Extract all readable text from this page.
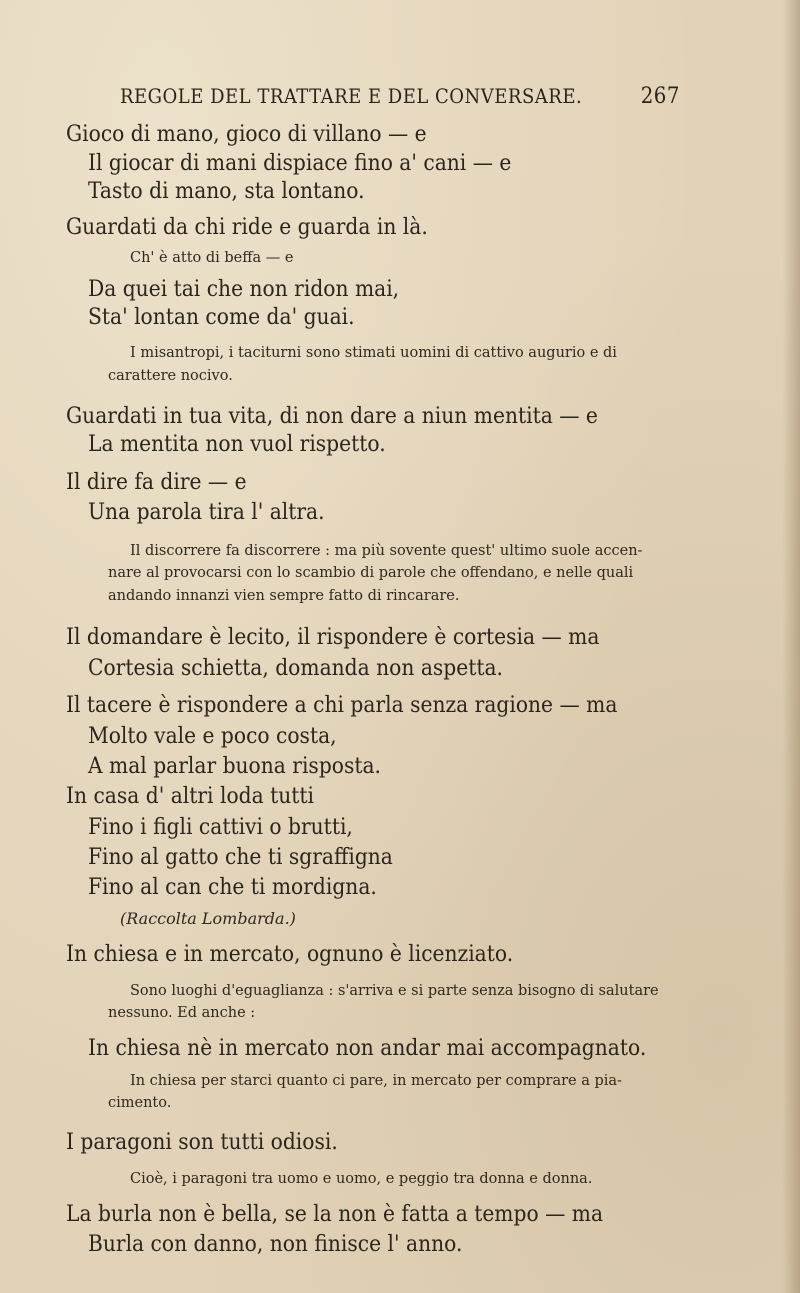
REGOLE DEL TRATTARE E DEL CONVERSARE.	267
Gioco di mano, gioco di villano — e
Il giocar di mani dispiace fino a' cani — e
Tasto di mano, sta lontano.
Guardati da chi ride e guarda in là.
Ch' è atto di beffa — e
Da quei tai che non ridon mai,
Sta' lontan come da' guai.
I misantropi, i taciturni sono stimati uomini di cattivo augurio e di
carattere nocivo.
Guardati in tua vita, di non dare a niun mentita — e
La mentita non vuol rispetto.
Il dire fa dire — e
Una parola tira l' altra.
Il discorrere fa discorrere : ma più sovente quest' ultimo suole accen-
nare al provocarsi con lo scambio di parole che offendano, e nelle quali
andando innanzi vien sempre fatto di rincarare.
Il domandare è lecito, il rispondere è cortesia — ma
Cortesia schietta, domanda non aspetta.
Il tacere è rispondere a chi parla senza ragione — ma
Molto vale e poco costa,
A mal parlar buona risposta.
In casa d' altri loda tutti
Fino i figli cattivi o brutti,
Fino al gatto che ti sgraffigna
Fino al can che ti mordigna.
(Raccolta Lombarda.)
In chiesa e in mercato, ognuno è licenziato.
Sono luoghi d'eguaglianza : s'arriva e si parte senza bisogno di salutare
nessuno. Ed anche :
In chiesa nè in mercato non andar mai accompagnato.
In chiesa per starci quanto ci pare, in mercato per comprare a pia-
cimento.
I paragoni son tutti odiosi.
Cioè, i paragoni tra uomo e uomo, e peggio tra donna e donna.
La burla non è bella, se la non è fatta a tempo — ma
Burla con danno, non finisce l' anno.
